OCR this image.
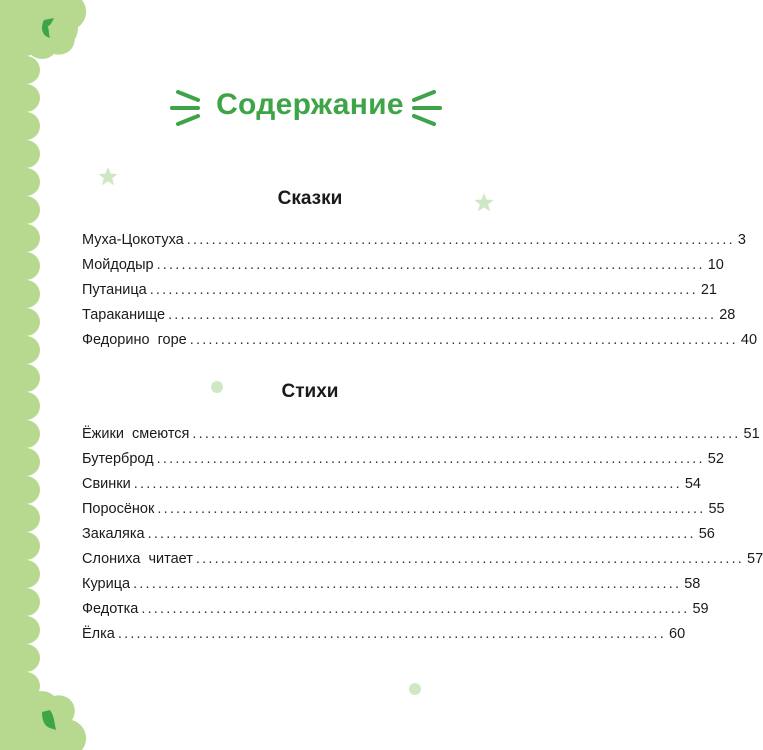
Содержание
Сказки
Муха-Цокотуха ........................................................................................ 3
Мойдодыр ........................................................................................ 10
Путаница ........................................................................................ 21
Тараканище ........................................................................................ 28
Федорино  горе ........................................................................................ 40
Стихи
Ёжики  смеются ........................................................................................ 51
Бутерброд ........................................................................................ 52
Свинки ........................................................................................ 54
Поросёнок ........................................................................................ 55
Закаляка ........................................................................................ 56
Слониха  читает ........................................................................................ 57
Курица ........................................................................................ 58
Федотка ........................................................................................ 59
Ёлка ........................................................................................ 60
